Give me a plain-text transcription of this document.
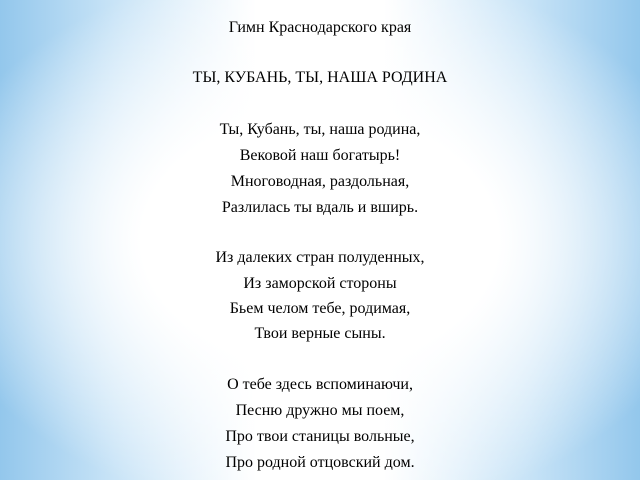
Гимн Краснодарского края
ТЫ, КУБАНЬ, ТЫ, НАША РОДИНА
Ты, Кубань, ты, наша родина,
Вековой наш богатырь!
Многоводная, раздольная,
Разлилась ты вдаль и вширь.
Из далеких стран полуденных,
Из заморской стороны
Бьем челом тебе, родимая,
Твои верные сыны.
О тебе здесь вспоминаючи,
Песню дружно мы поем,
Про твои станицы вольные,
Про родной отцовский дом.
